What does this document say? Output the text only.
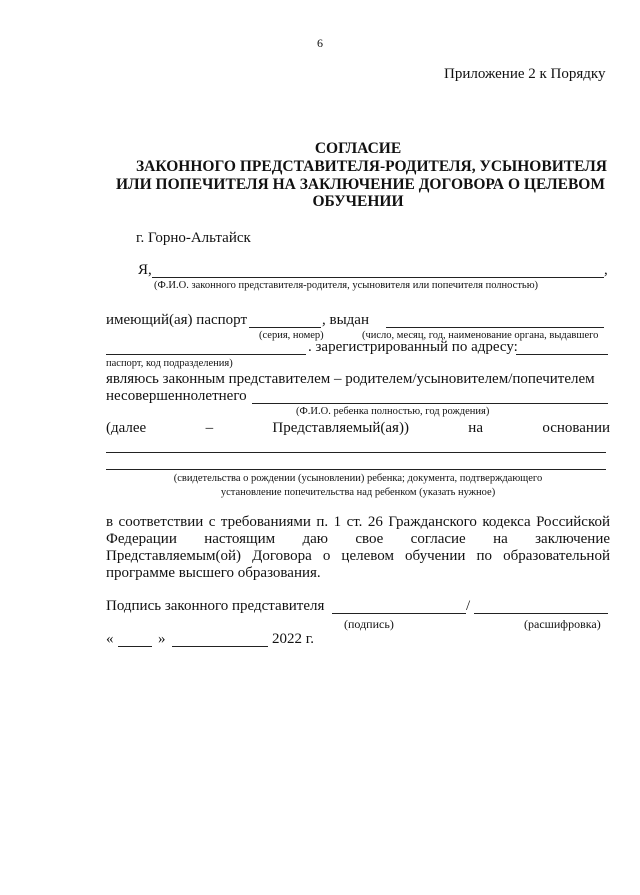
6
Приложение 2 к Порядку
СОГЛАСИЕ
ЗАКОННОГО ПРЕДСТАВИТЕЛЯ-РОДИТЕЛЯ, УСЫНОВИТЕЛЯ
ИЛИ ПОПЕЧИТЕЛЯ НА ЗАКЛЮЧЕНИЕ ДОГОВОРА О ЦЕЛЕВОМ
ОБУЧЕНИИ
г. Горно-Альтайск
Я,	,
(Ф.И.О. законного представителя-родителя, усыновителя или попечителя полностью)
имеющий(ая) паспорт	, выдан
(серия, номер)	(число, месяц, год, наименование органа, выдавшего
. зарегистрированный по адресу:
паспорт, код подразделения)
являюсь законным представителем – родителем/усыновителем/попечителем
несовершеннолетнего
(Ф.И.О. ребенка полностью, год рождения)
(далее	–	Представляемый(ая))	на	основании
(свидетельства о рождении (усыновлении) ребенка; документа, подтверждающего
установление попечительства над ребенком (указать нужное)
в соответствии с требованиями п. 1 ст. 26 Гражданского кодекса Российской
Федерации настоящим даю свое согласие на заключение
Представляемым(ой) Договора о целевом обучении по образовательной
программе высшего образования.
Подпись законного представителя	/
(подпись)	(расшифровка)
«	»	2022 г.
